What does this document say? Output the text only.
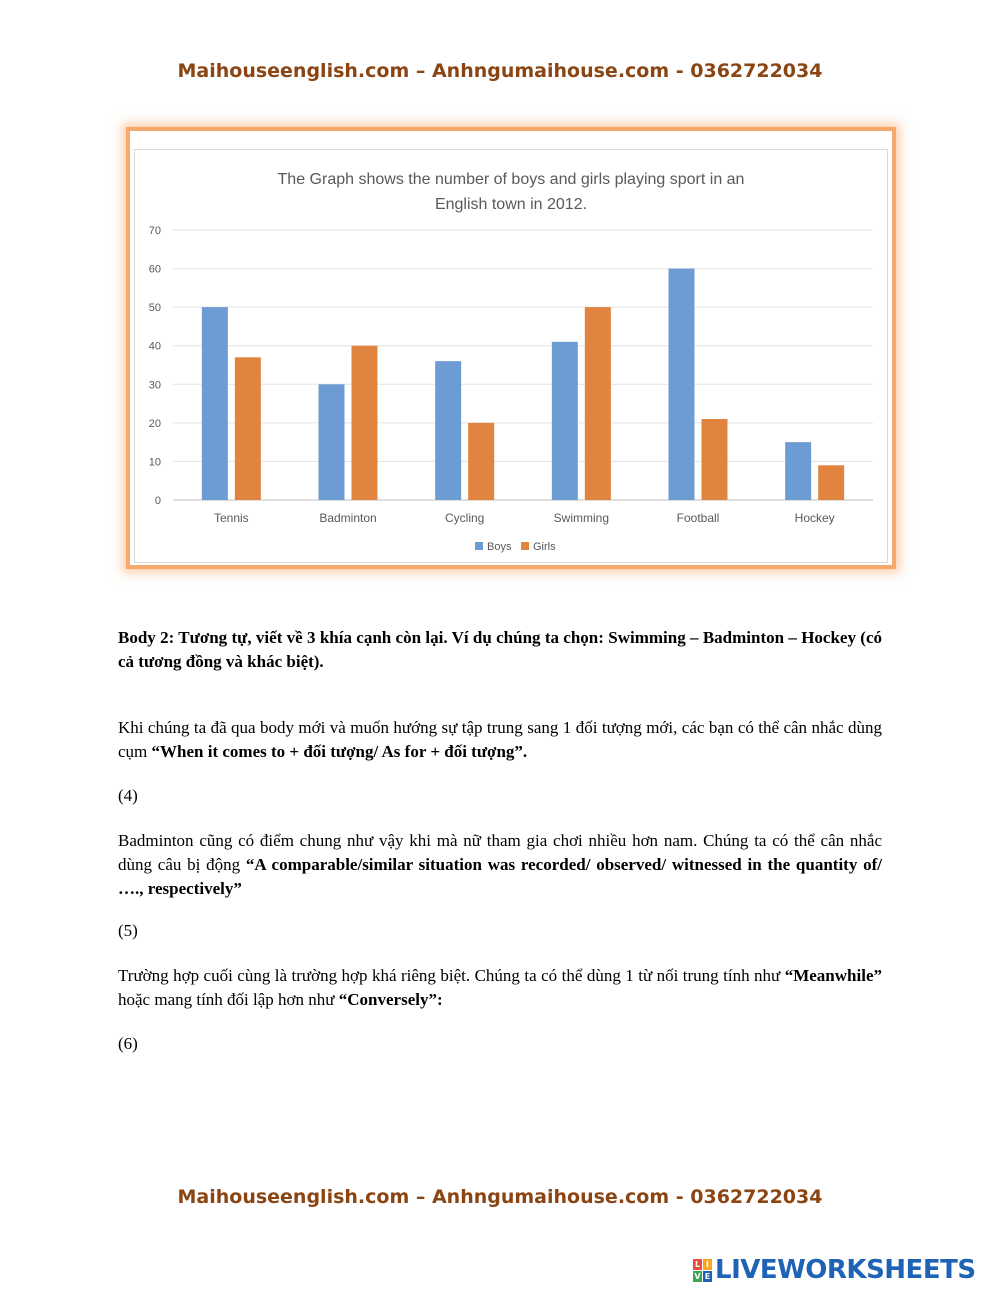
Maihouseenglish.com – Anhngumaihouse.com - 0362722034
The Graph shows the number of boys and girls playing sport in an
English town in 2012.
0
10
20
30
40
50
60
70
Tennis	Badminton	Cycling	Swimming	Football	Hockey
Boys Girls
Body 2: Tương tự, viết về 3 khía cạnh còn lại. Ví dụ chúng ta chọn: Swimming – Badminton – Hockey (có cả tương đồng và khác biệt).
Khi chúng ta đã qua body mới và muốn hướng sự tập trung sang 1 đối tượng mới, các bạn có thể cân nhắc dùng cụm “When it comes to + đối tượng/ As for + đối tượng”.
(4)
Badminton cũng có điểm chung như vậy khi mà nữ tham gia chơi nhiều hơn nam. Chúng ta có thể cân nhắc dùng câu bị động “A comparable/similar situation was recorded/ observed/ witnessed in the quantity of/ …., respectively”
(5)
Trường hợp cuối cùng là trường hợp khá riêng biệt. Chúng ta có thể dùng 1 từ nối trung tính như “Meanwhile” hoặc mang tính đối lập hơn như “Conversely”:
(6)
Maihouseenglish.com – Anhngumaihouse.com - 0362722034
L I
V E LIVEWORKSHEETS
